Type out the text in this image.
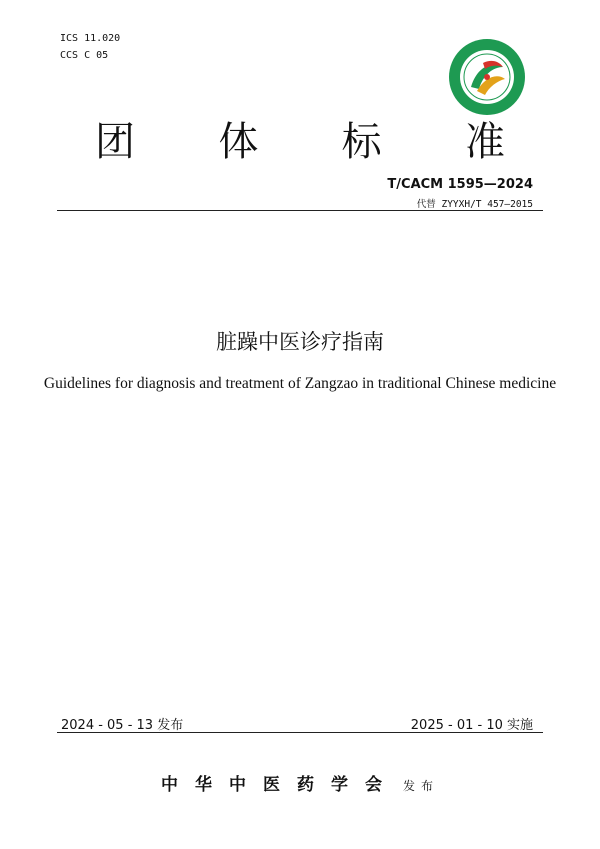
ICS 11.020
CCS C 05
团 体 标 准
T/CACM 1595—2024
代替 ZYYXH/T 457—2015
脏躁中医诊疗指南
Guidelines for diagnosis and treatment of Zangzao in traditional Chinese medicine
2024 - 05 - 13 发布	2025 - 01 - 10 实施
中华中医药学会 发布
